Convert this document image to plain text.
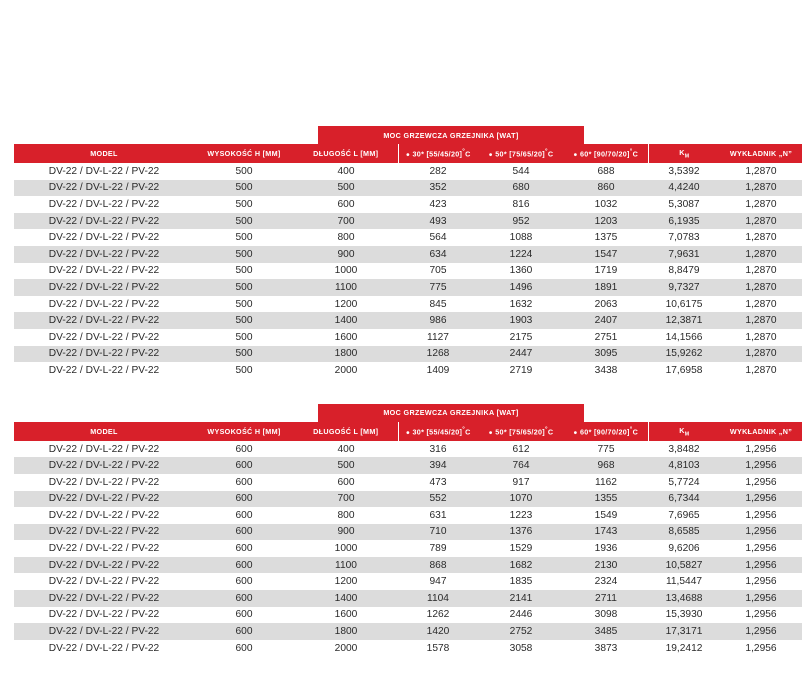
MOC GRZEWCZA GRZEJNIKA [WAT]
MODEL	WYSOKOŚĆ H [MM]	DŁUGOŚĆ L [MM]	● 30* [55/45/20]°C	● 50* [75/65/20]°C	● 60* [90/70/20]°C	$K_M$	WYKŁADNIK „N”
DV-22 / DV-L-22 / PV-22	500	400	282	544	688	3,5392	1,2870
DV-22 / DV-L-22 / PV-22	500	500	352	680	860	4,4240	1,2870
DV-22 / DV-L-22 / PV-22	500	600	423	816	1032	5,3087	1,2870
DV-22 / DV-L-22 / PV-22	500	700	493	952	1203	6,1935	1,2870
DV-22 / DV-L-22 / PV-22	500	800	564	1088	1375	7,0783	1,2870
DV-22 / DV-L-22 / PV-22	500	900	634	1224	1547	7,9631	1,2870
DV-22 / DV-L-22 / PV-22	500	1000	705	1360	1719	8,8479	1,2870
DV-22 / DV-L-22 / PV-22	500	1100	775	1496	1891	9,7327	1,2870
DV-22 / DV-L-22 / PV-22	500	1200	845	1632	2063	10,6175	1,2870
DV-22 / DV-L-22 / PV-22	500	1400	986	1903	2407	12,3871	1,2870
DV-22 / DV-L-22 / PV-22	500	1600	1127	2175	2751	14,1566	1,2870
DV-22 / DV-L-22 / PV-22	500	1800	1268	2447	3095	15,9262	1,2870
DV-22 / DV-L-22 / PV-22	500	2000	1409	2719	3438	17,6958	1,2870
MOC GRZEWCZA GRZEJNIKA [WAT]
MODEL	WYSOKOŚĆ H [MM]	DŁUGOŚĆ L [MM]	● 30* [55/45/20]°C	● 50* [75/65/20]°C	● 60* [90/70/20]°C	$K_M$	WYKŁADNIK „N”
DV-22 / DV-L-22 / PV-22	600	400	316	612	775	3,8482	1,2956
DV-22 / DV-L-22 / PV-22	600	500	394	764	968	4,8103	1,2956
DV-22 / DV-L-22 / PV-22	600	600	473	917	1162	5,7724	1,2956
DV-22 / DV-L-22 / PV-22	600	700	552	1070	1355	6,7344	1,2956
DV-22 / DV-L-22 / PV-22	600	800	631	1223	1549	7,6965	1,2956
DV-22 / DV-L-22 / PV-22	600	900	710	1376	1743	8,6585	1,2956
DV-22 / DV-L-22 / PV-22	600	1000	789	1529	1936	9,6206	1,2956
DV-22 / DV-L-22 / PV-22	600	1100	868	1682	2130	10,5827	1,2956
DV-22 / DV-L-22 / PV-22	600	1200	947	1835	2324	11,5447	1,2956
DV-22 / DV-L-22 / PV-22	600	1400	1104	2141	2711	13,4688	1,2956
DV-22 / DV-L-22 / PV-22	600	1600	1262	2446	3098	15,3930	1,2956
DV-22 / DV-L-22 / PV-22	600	1800	1420	2752	3485	17,3171	1,2956
DV-22 / DV-L-22 / PV-22	600	2000	1578	3058	3873	19,2412	1,2956
